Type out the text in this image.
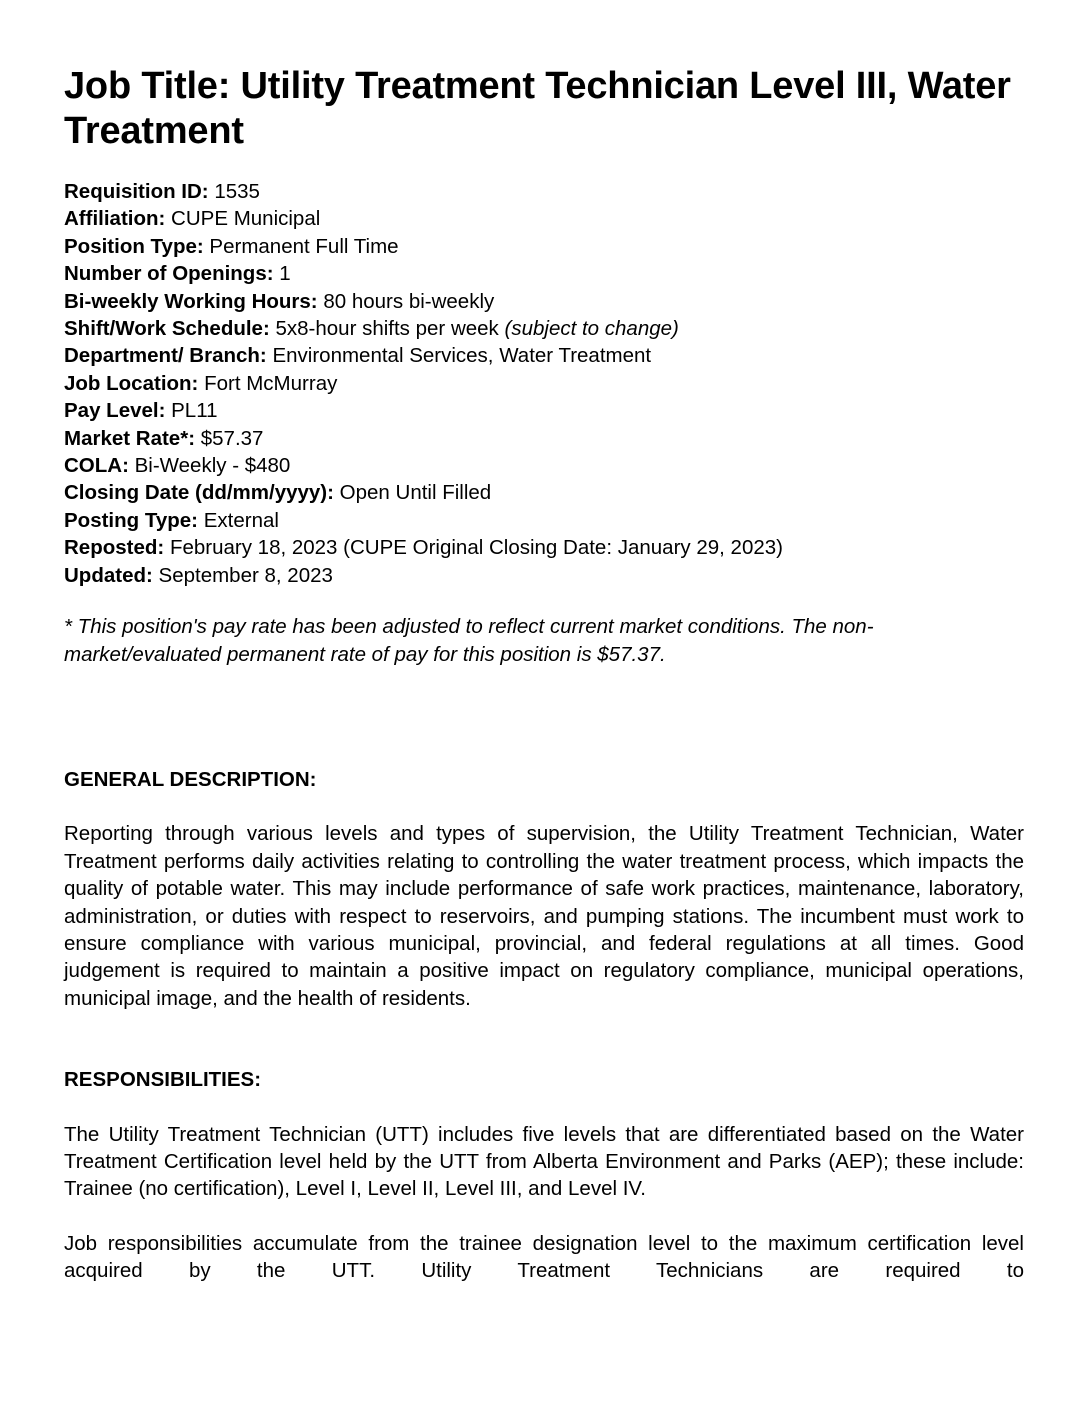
Job Title: Utility Treatment Technician Level III, Water Treatment
Requisition ID: 1535
Affiliation: CUPE Municipal
Position Type: Permanent Full Time
Number of Openings: 1
Bi-weekly Working Hours: 80 hours bi-weekly
Shift/Work Schedule: 5x8-hour shifts per week (subject to change)
Department/ Branch: Environmental Services, Water Treatment
Job Location: Fort McMurray
Pay Level: PL11
Market Rate*: $57.37
COLA: Bi-Weekly - $480
Closing Date (dd/mm/yyyy): Open Until Filled
Posting Type: External
Reposted: February 18, 2023 (CUPE Original Closing Date: January 29, 2023)
Updated: September 8, 2023

* This position's pay rate has been adjusted to reflect current market conditions. The non-market/evaluated permanent rate of pay for this position is $57.37.

GENERAL DESCRIPTION:

Reporting through various levels and types of supervision, the Utility Treatment Technician, Water Treatment performs daily activities relating to controlling the water treatment process, which impacts the quality of potable water. This may include performance of safe work practices, maintenance, laboratory, administration, or duties with respect to reservoirs, and pumping stations. The incumbent must work to ensure compliance with various municipal, provincial, and federal regulations at all times. Good judgement is required to maintain a positive impact on regulatory compliance, municipal operations, municipal image, and the health of residents.

RESPONSIBILITIES:

The Utility Treatment Technician (UTT) includes five levels that are differentiated based on the Water Treatment Certification level held by the UTT from Alberta Environment and Parks (AEP); these include: Trainee (no certification), Level I, Level II, Level III, and Level IV.

Job responsibilities accumulate from the trainee designation level to the maximum certification level acquired by the UTT. Utility Treatment Technicians are required to
